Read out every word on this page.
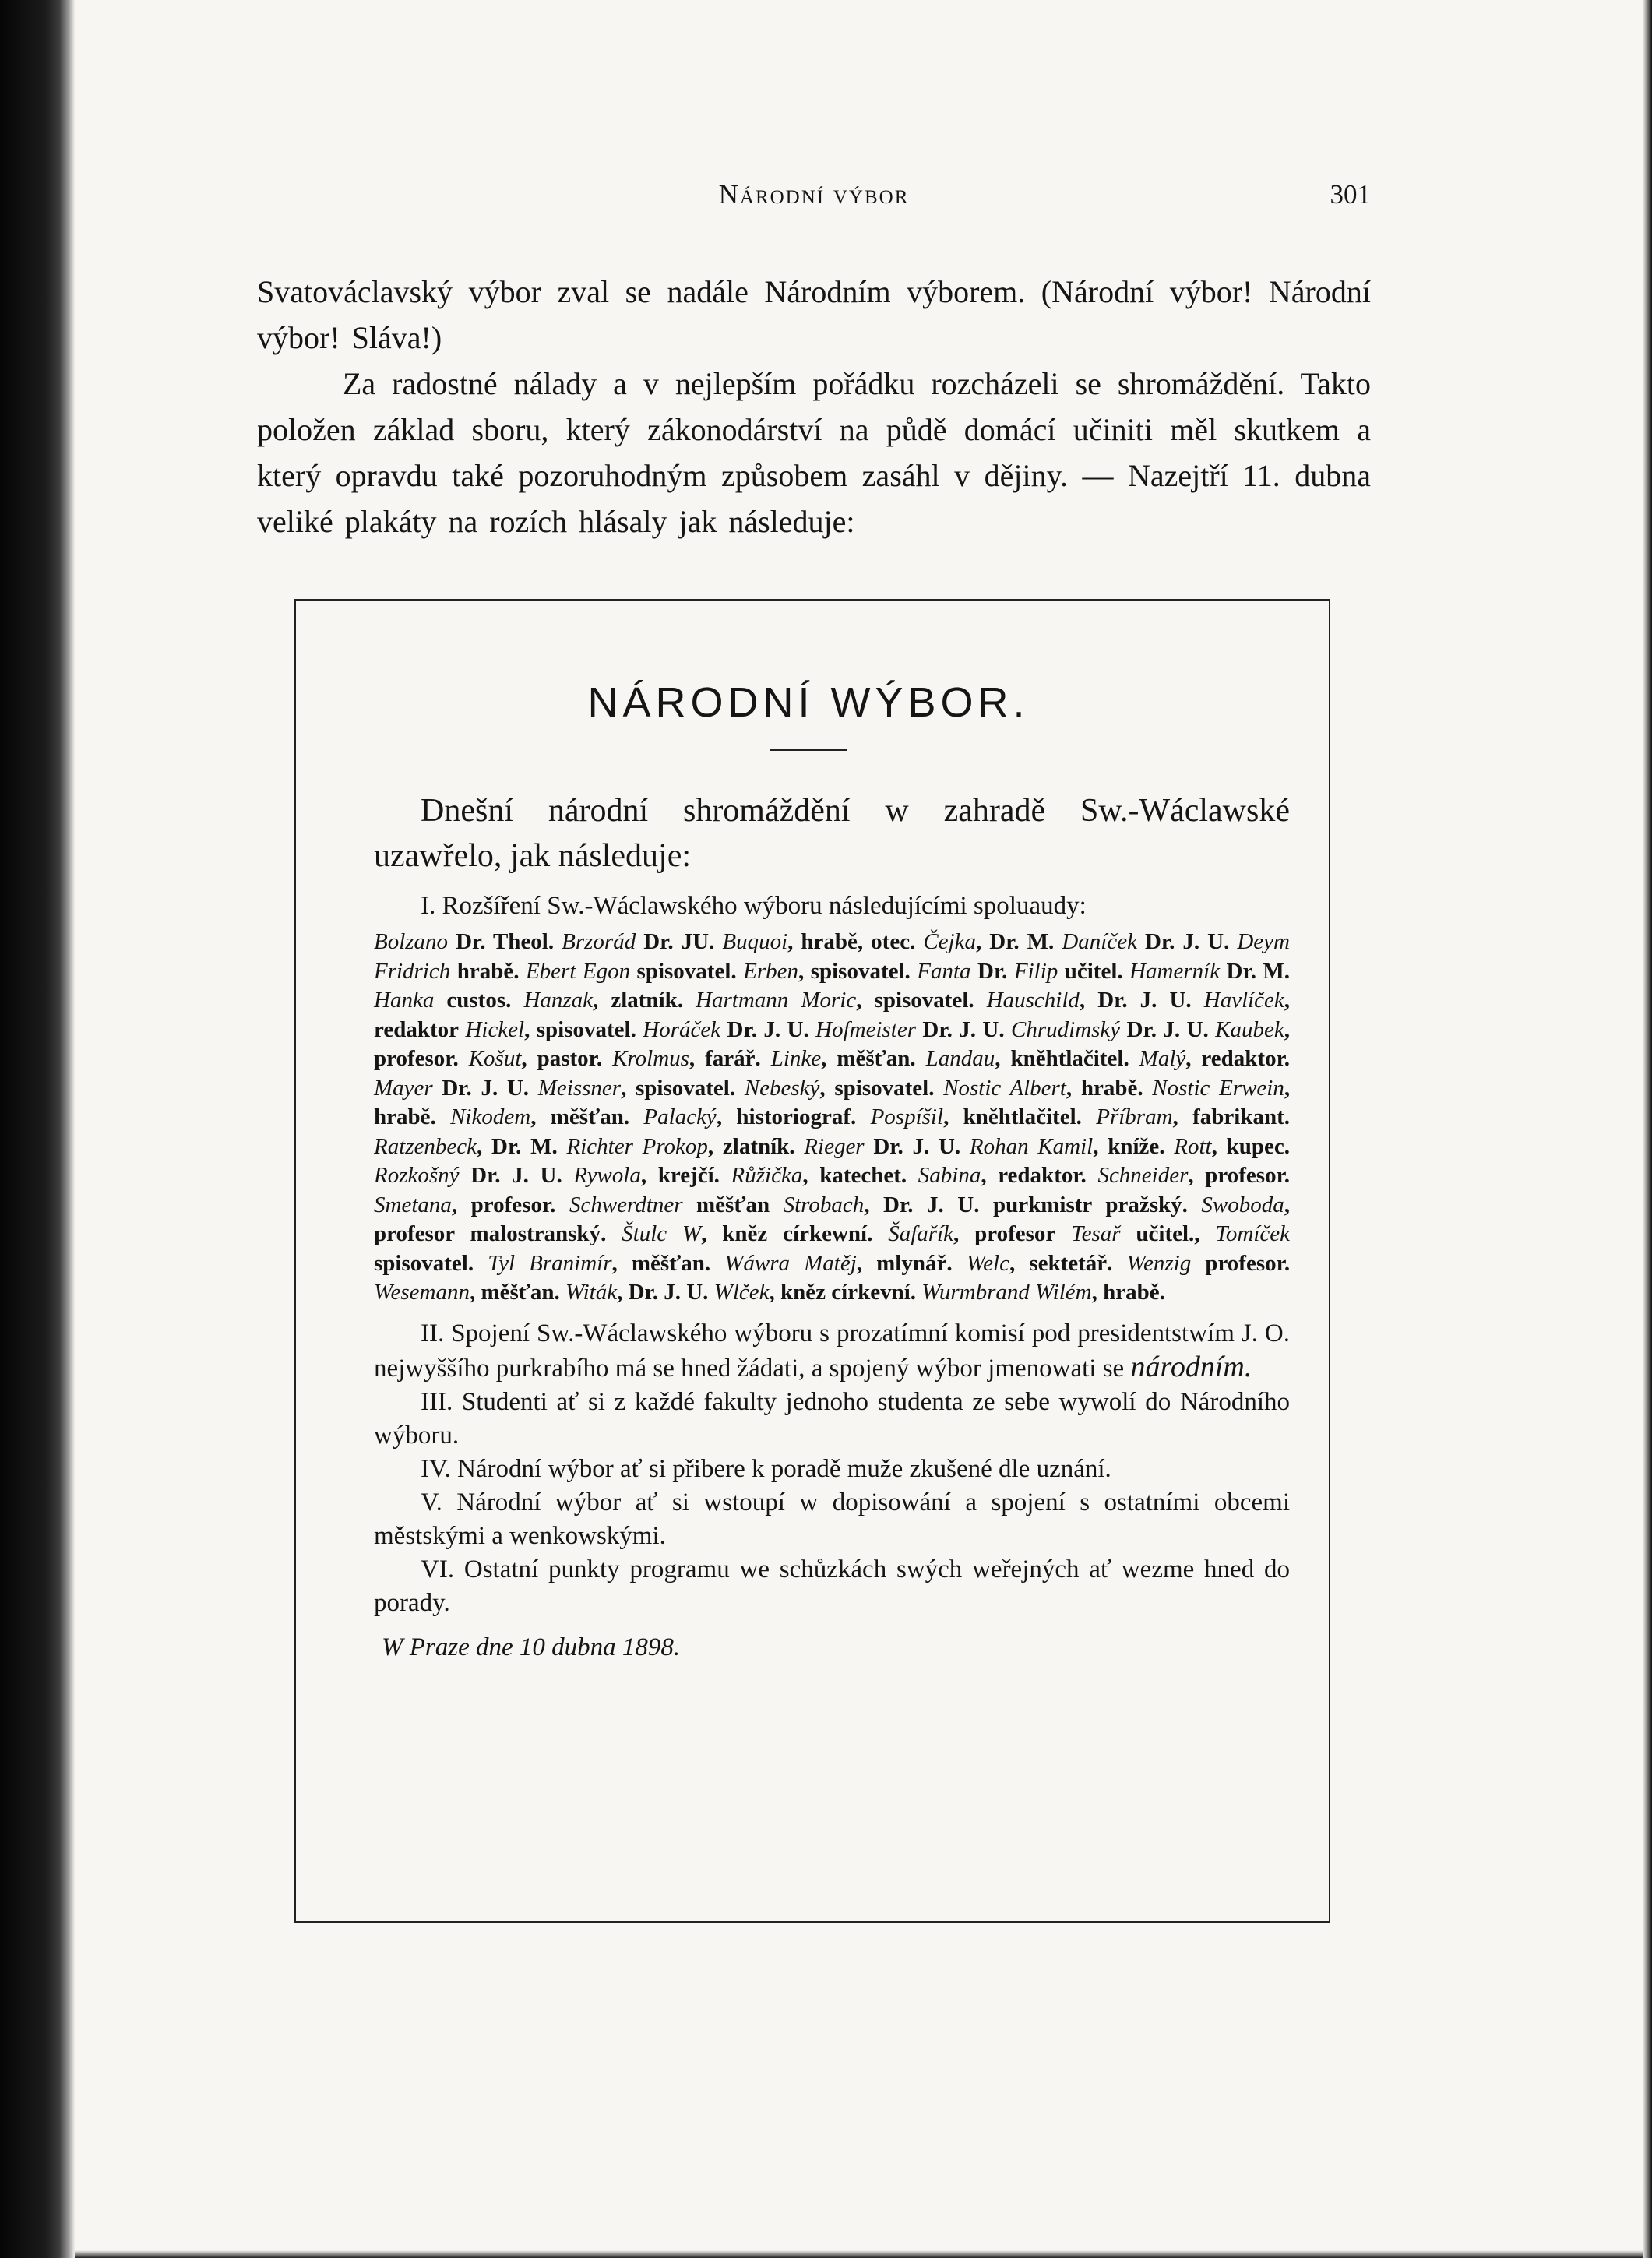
Národní výbor	301

Svatováclavský výbor zval se nadále Národním výborem. (Národní výbor! Národní výbor! Sláva!)

Za radostné nálady a v nejlepším pořádku rozcházeli se shromáždění. Takto položen základ sboru, který zákonodárství na půdě domácí učiniti měl skutkem a který opravdu také pozoruhodným způsobem zasáhl v dějiny. — Nazejtří 11. dubna veliké plakáty na rozích hlásaly jak následuje:

NÁRODNÍ WÝBOR.

Dnešní národní shromáždění w zahradě Sw.-Wáclawské uzawřelo, jak následuje:

I. Rozšíření Sw.-Wáclawského wýboru následujícími spoluaudy:

Bolzano Dr. Theol. Brzorád Dr. JU. Buquoi, hrabě, otec. Čejka, Dr. M. Daníček Dr. J. U. Deym Fridrich hrabě. Ebert Egon spisovatel. Erben, spisovatel. Fanta Dr. Filip učitel. Hamerník Dr. M. Hanka custos. Hanzak, zlatník. Hartmann Moric, spisovatel. Hauschild, Dr. J. U. Havlíček, redaktor Hickel, spisovatel. Horáček Dr. J. U. Hofmeister Dr. J. U. Chrudimský Dr. J. U. Kaubek, profesor. Košut, pastor. Krolmus, farář. Linke, měšťan. Landau, kněhtlačitel. Malý, redaktor. Mayer Dr. J. U. Meissner, spisovatel. Nebeský, spisovatel. Nostic Albert, hrabě. Nostic Erwein, hrabě. Nikodem, měšťan. Palacký, historiograf. Pospíšil, kněhtlačitel. Příbram, fabrikant. Ratzenbeck, Dr. M. Richter Prokop, zlatník. Rieger Dr. J. U. Rohan Kamil, kníže. Rott, kupec. Rozkošný Dr. J. U. Rywola, krejčí. Růžička, katechet. Sabina, redaktor. Schneider, profesor. Smetana, profesor. Schwerdtner měšťan Strobach, Dr. J. U. purkmistr pražský. Swoboda, profesor malostranský. Štulc W, kněz církewní. Šafařík, profesor Tesař učitel., Tomíček spisovatel. Tyl Branimír, měšťan. Wáwra Matěj, mlynář. Welc, sektetář. Wenzig profesor. Wesemann, měšťan. Witák, Dr. J. U. Wlček, kněz církevní. Wurmbrand Wilém, hrabě.

II. Spojení Sw.-Wáclawského wýboru s prozatímní komisí pod presidentstwím J. O. nejwyššího purkrabího má se hned žádati, a spojený wýbor jmenowati se národním.

III. Studenti ať si z každé fakulty jednoho studenta ze sebe wywolí do Národního wýboru.

IV. Národní wýbor ať si přibere k poradě muže zkušené dle uznání.

V. Národní wýbor ať si wstoupí w dopisowání a spojení s ostatními obcemi městskými a wenkowskými.

VI. Ostatní punkty programu we schůzkách swých weřejných ať wezme hned do porady.

W Praze dne 10 dubna 1898.
